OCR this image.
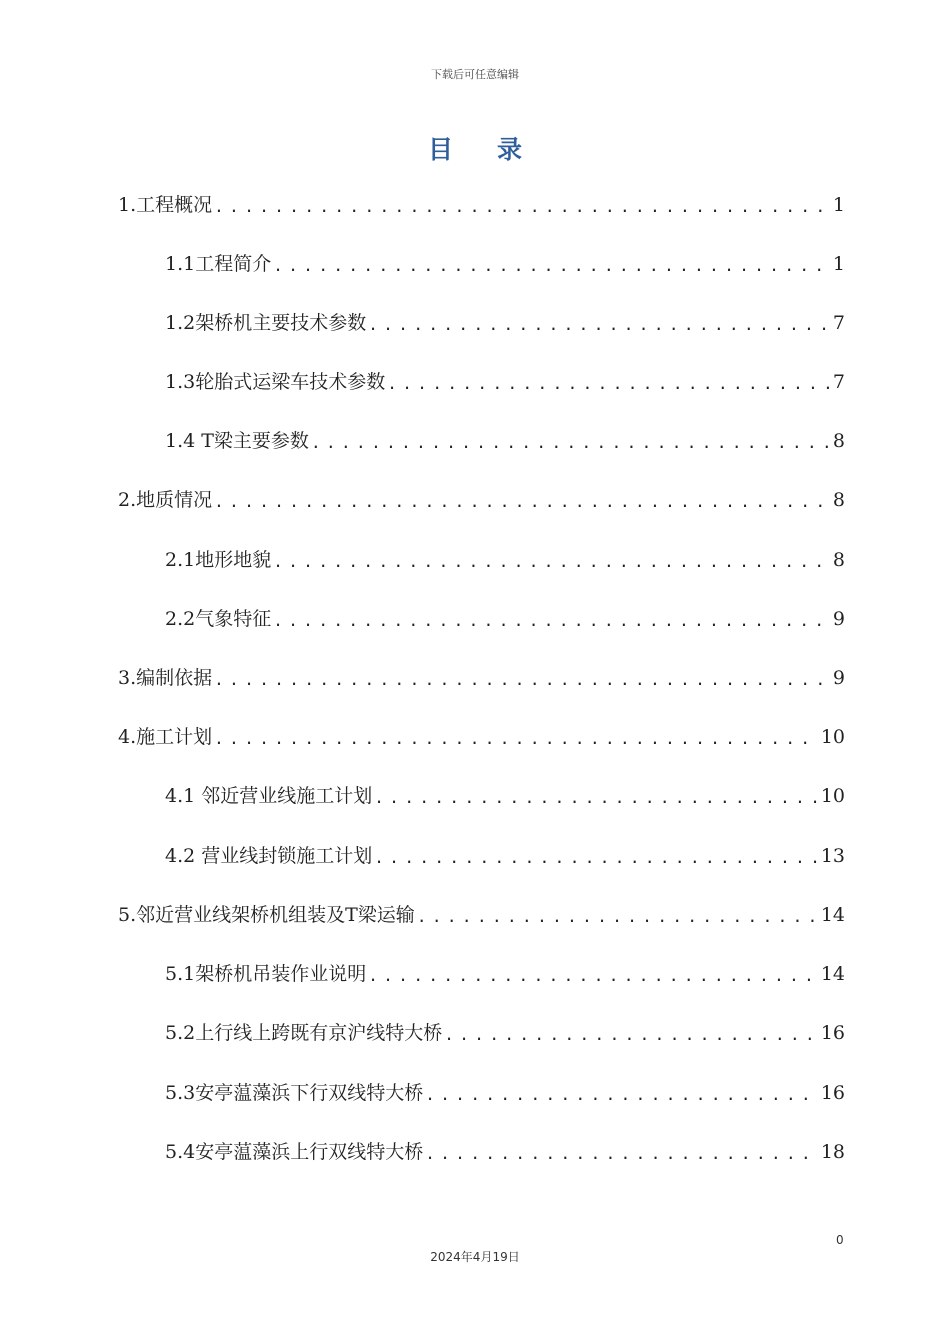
下载后可任意编辑
目录
1.工程概况 .....	1
1.1工程简介 .....	1
1.2架桥机主要技术参数 .....	7
1.3轮胎式运梁车技术参数 .....	7
1.4 T梁主要参数 .....	8
2.地质情况 .....	8
2.1地形地貌 .....	8
2.2气象特征 .....	9
3.编制依据 .....	9
4.施工计划 .....	10
4.1 邻近营业线施工计划 .....	10
4.2 营业线封锁施工计划 .....	13
5.邻近营业线架桥机组装及T梁运输 .....	14
5.1架桥机吊装作业说明 .....	14
5.2上行线上跨既有京沪线特大桥 .....	16
5.3安亭蕰藻浜下行双线特大桥 .....	16
5.4安亭蕰藻浜上行双线特大桥 .....	18
0
2024年4月19日
